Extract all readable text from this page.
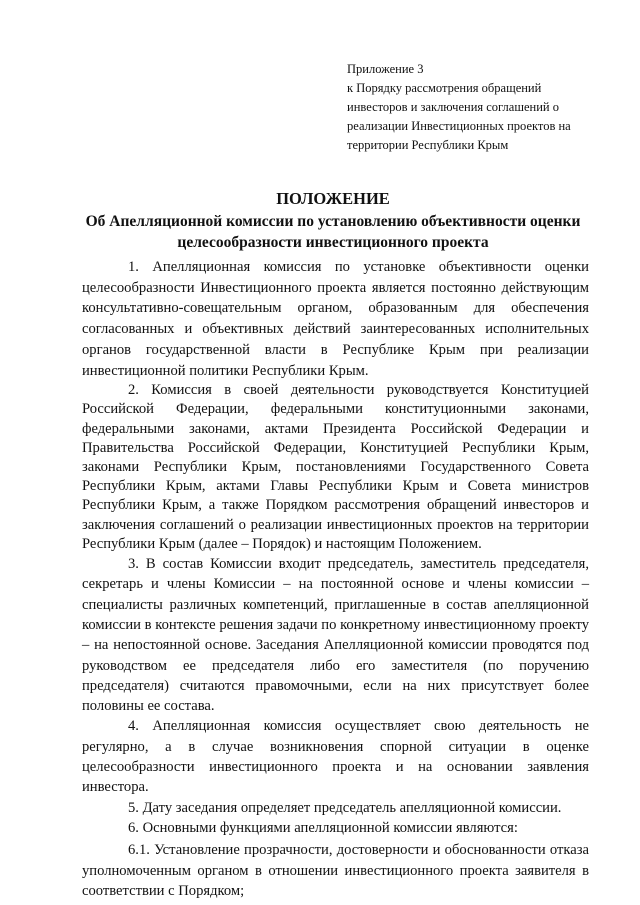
Приложение 3
к Порядку рассмотрения обращений
инвесторов и заключения соглашений о
реализации Инвестиционных проектов на
территории Республики Крым
ПОЛОЖЕНИЕ
Об Апелляционной комиссии по установлению объективности оценки целесообразности инвестиционного проекта

1. Апелляционная комиссия по установке объективности оценки целесообразности Инвестиционного проекта является постоянно действующим консультативно-совещательным органом, образованным для обеспечения согласованных и объективных действий заинтересованных исполнительных органов государственной власти в Республике Крым при реализации инвестиционной политики Республики Крым.

2. Комиссия в своей деятельности руководствуется Конституцией Российской Федерации, федеральными конституционными законами, федеральными законами, актами Президента Российской Федерации и Правительства Российской Федерации, Конституцией Республики Крым, законами Республики Крым, постановлениями Государственного Совета Республики Крым, актами Главы Республики Крым и Совета министров Республики Крым, а также Порядком рассмотрения обращений инвесторов и заключения соглашений о реализации инвестиционных проектов на территории Республики Крым (далее – Порядок) и настоящим Положением.

3. В состав Комиссии входит председатель, заместитель председателя, секретарь и члены Комиссии – на постоянной основе и члены комиссии – специалисты различных компетенций, приглашенные в состав апелляционной комиссии в контексте решения задачи по конкретному инвестиционному проекту – на непостоянной основе. Заседания Апелляционной комиссии проводятся под руководством ее председателя либо его заместителя (по поручению председателя) считаются правомочными, если на них присутствует более половины ее состава.

4. Апелляционная комиссия осуществляет свою деятельность не регулярно, а в случае возникновения спорной ситуации в оценке целесообразности инвестиционного проекта и на основании заявления инвестора.

5. Дату заседания определяет председатель апелляционной комиссии.

6. Основными функциями апелляционной комиссии являются:

6.1. Установление прозрачности, достоверности и обоснованности отказа уполномоченным органом в отношении инвестиционного проекта заявителя в соответствии с Порядком;
